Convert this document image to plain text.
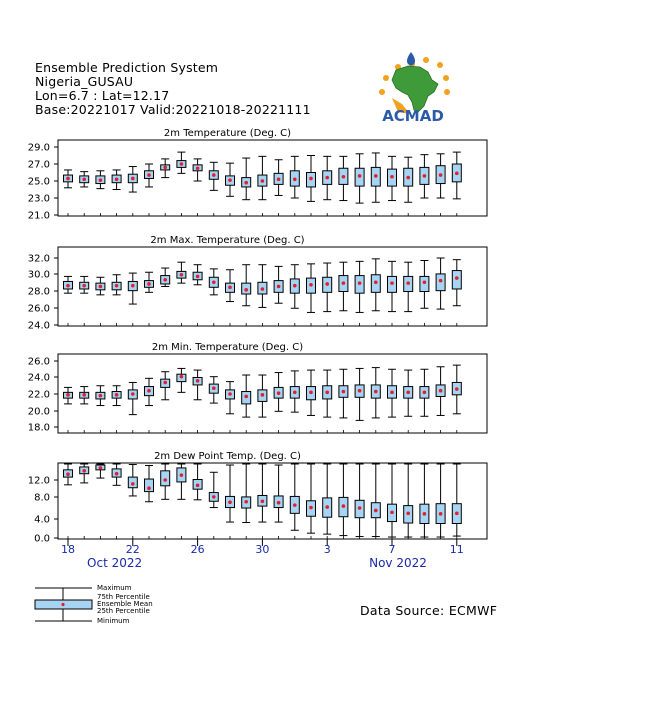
Ensemble Prediction System
Nigeria_GUSAU
Lon=6.7 : Lat=12.17
Base:20221017 Valid:20221018-20221111	ACMAD
2m Temperature (Deg. C)
29.0
27.0
25.0
23.0
21.0
2m Max. Temperature (Deg. C)
32.0
30.0
28.0
26.0
24.0
2m Min. Temperature (Deg. C)
26.0
24.0
22.0
20.0
18.0
2m Dew Point Temp. (Deg. C)
12.0
8.0
4.0
0.0
18	22	26	30	3	7	11
Oct 2022	Nov 2022
Maximum
75th Percentile
Ensemble Mean
25th Percentile
Minimum
Data Source: ECMWF
